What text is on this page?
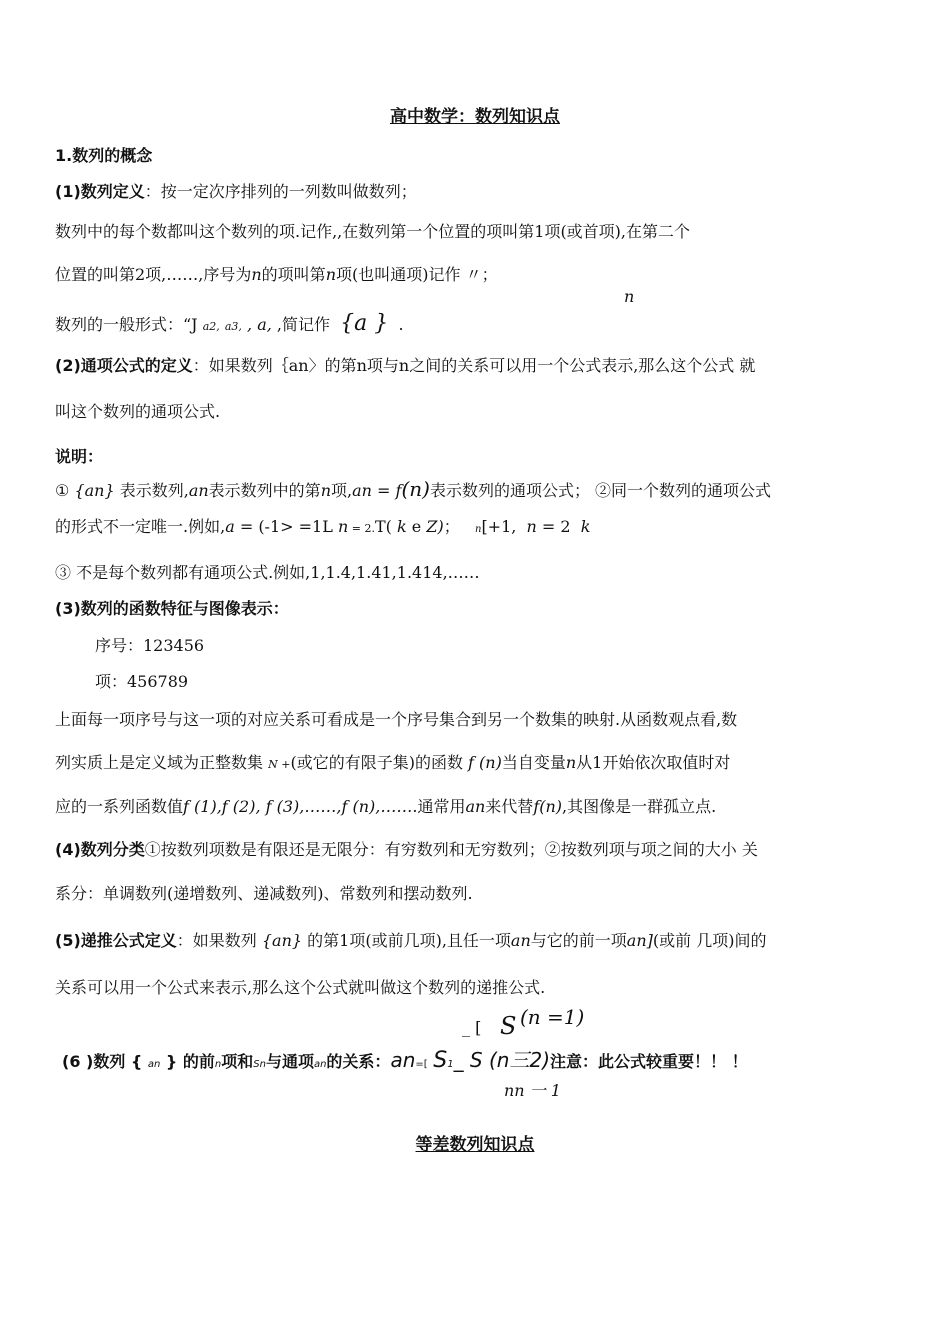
高中数学：数列知识点
1.数列的概念
(1)数列定义：按一定次序排列的一列数叫做数列；
数列中的每个数都叫这个数列的项.记作,,在数列第一个位置的项叫第1项(或首项),在第二个
位置的叫第2项,……,序号为n的项叫第n项(也叫通项)记作 〃；
n
数列的一般形式：“J a2, a3, , a, ,简记作 {a } .
(2)通项公式的定义：如果数列｛an〉的第n项与n之间的关系可以用一个公式表示,那么这个公式 就
叫这个数列的通项公式.
说明：
① {an} 表示数列,an表示数列中的第n项,an = f(n)表示数列的通项公式； ②同一个数列的通项公式
的形式不一定唯一.例如,a = (-1> =1L n = 2.T( k e Z)； n[+1, n = 2 k
③ 不是每个数列都有通项公式.例如,1,1.4,1.41,1.414,……
(3)数列的函数特征与图像表示：
序号：123456
项：456789
上面每一项序号与这一项的对应关系可看成是一个序号集合到另一个数集的映射.从函数观点看,数
列实质上是定义域为正整数集 N +(或它的有限子集)的函数 f (n)当自变量n从1开始依次取值时对
应的一系列函数值f (1),f (2), f (3),……,f (n),…….通常用an来代替f(n),其图像是一群孤立点.
(4)数列分类①按数列项数是有限还是无限分：有穷数列和无穷数列；②按数列项与项之间的大小 关
系分：单调数列(递增数列、递减数列)、常数列和摆动数列.
(5)递推公式定义：如果数列 {an} 的第1项(或前几项),且任一项an与它的前一项an](或前 几项)间的
关系可以用一个公式来表示,那么这个公式就叫做这个数列的递推公式.
_ [ S (n =1)
(6 )数列 { an } 的前n项和Sn与通项an的关系：an=[ S1_ S (n三2)注意：此公式较重要！！ ！
nn 一 1
等差数列知识点
